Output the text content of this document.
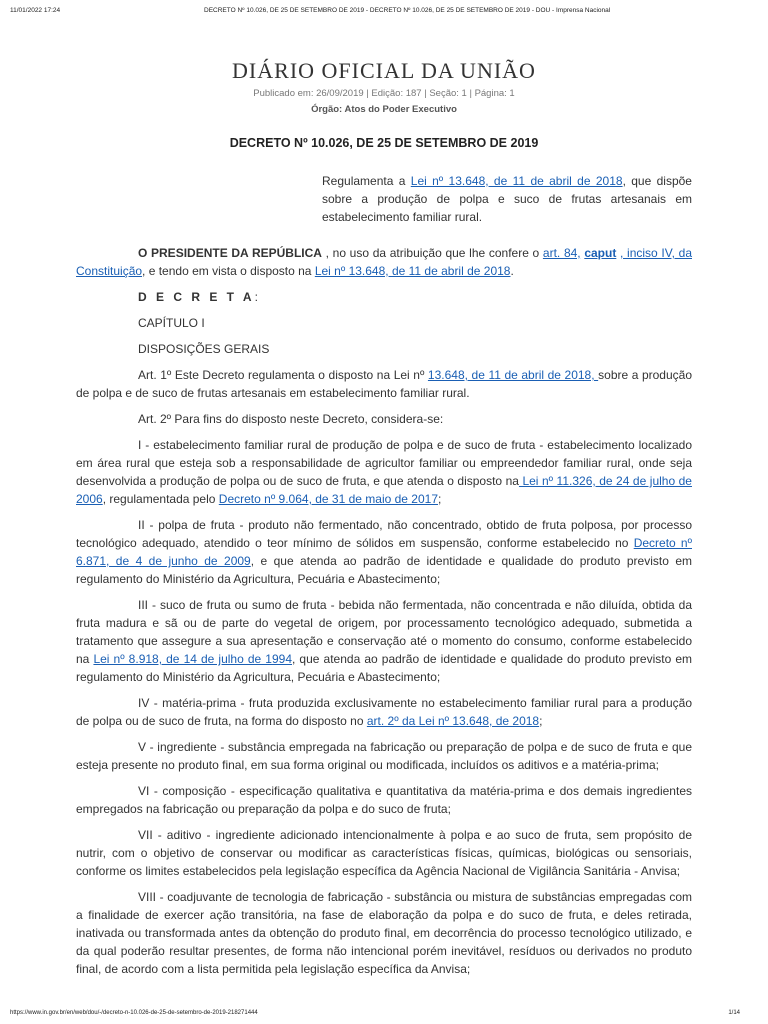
11/01/2022 17:24	DECRETO Nº 10.026, DE 25 DE SETEMBRO DE 2019 - DECRETO Nº 10.026, DE 25 DE SETEMBRO DE 2019 - DOU - Imprensa Nacional
DIÁRIO OFICIAL DA UNIÃO
Publicado em: 26/09/2019 | Edição: 187 | Seção: 1 | Página: 1
Órgão: Atos do Poder Executivo
DECRETO Nº 10.026, DE 25 DE SETEMBRO DE 2019
Regulamenta a Lei nº 13.648, de 11 de abril de 2018, que dispõe sobre a produção de polpa e suco de frutas artesanais em estabelecimento familiar rural.

O PRESIDENTE DA REPÚBLICA , no uso da atribuição que lhe confere o art. 84, caput , inciso IV, da Constituição, e tendo em vista o disposto na Lei nº 13.648, de 11 de abril de 2018.

D E C R E T A:

CAPÍTULO I

DISPOSIÇÕES GERAIS

Art. 1º Este Decreto regulamenta o disposto na Lei nº 13.648, de 11 de abril de 2018, sobre a produção de polpa e de suco de frutas artesanais em estabelecimento familiar rural.

Art. 2º Para fins do disposto neste Decreto, considera-se:

I - estabelecimento familiar rural de produção de polpa e de suco de fruta - estabelecimento localizado em área rural que esteja sob a responsabilidade de agricultor familiar ou empreendedor familiar rural, onde seja desenvolvida a produção de polpa ou de suco de fruta, e que atenda o disposto na Lei nº 11.326, de 24 de julho de 2006, regulamentada pelo Decreto nº 9.064, de 31 de maio de 2017;

II - polpa de fruta - produto não fermentado, não concentrado, obtido de fruta polposa, por processo tecnológico adequado, atendido o teor mínimo de sólidos em suspensão, conforme estabelecido no Decreto nº 6.871, de 4 de junho de 2009, e que atenda ao padrão de identidade e qualidade do produto previsto em regulamento do Ministério da Agricultura, Pecuária e Abastecimento;

III - suco de fruta ou sumo de fruta - bebida não fermentada, não concentrada e não diluída, obtida da fruta madura e sã ou de parte do vegetal de origem, por processamento tecnológico adequado, submetida a tratamento que assegure a sua apresentação e conservação até o momento do consumo, conforme estabelecido na Lei nº 8.918, de 14 de julho de 1994, que atenda ao padrão de identidade e qualidade do produto previsto em regulamento do Ministério da Agricultura, Pecuária e Abastecimento;

IV - matéria-prima - fruta produzida exclusivamente no estabelecimento familiar rural para a produção de polpa ou de suco de fruta, na forma do disposto no art. 2º da Lei nº 13.648, de 2018;

V - ingrediente - substância empregada na fabricação ou preparação de polpa e de suco de fruta e que esteja presente no produto final, em sua forma original ou modificada, incluídos os aditivos e a matéria-prima;

VI - composição - especificação qualitativa e quantitativa da matéria-prima e dos demais ingredientes empregados na fabricação ou preparação da polpa e do suco de fruta;

VII - aditivo - ingrediente adicionado intencionalmente à polpa e ao suco de fruta, sem propósito de nutrir, com o objetivo de conservar ou modificar as características físicas, químicas, biológicas ou sensoriais, conforme os limites estabelecidos pela legislação específica da Agência Nacional de Vigilância Sanitária - Anvisa;

VIII - coadjuvante de tecnologia de fabricação - substância ou mistura de substâncias empregadas com a finalidade de exercer ação transitória, na fase de elaboração da polpa e do suco de fruta, e deles retirada, inativada ou transformada antes da obtenção do produto final, em decorrência do processo tecnológico utilizado, e da qual poderão resultar presentes, de forma não intencional porém inevitável, resíduos ou derivados no produto final, de acordo com a lista permitida pela legislação específica da Anvisa;

https://www.in.gov.br/en/web/dou/-/decreto-n-10.026-de-25-de-setembro-de-2019-218271444	1/14
